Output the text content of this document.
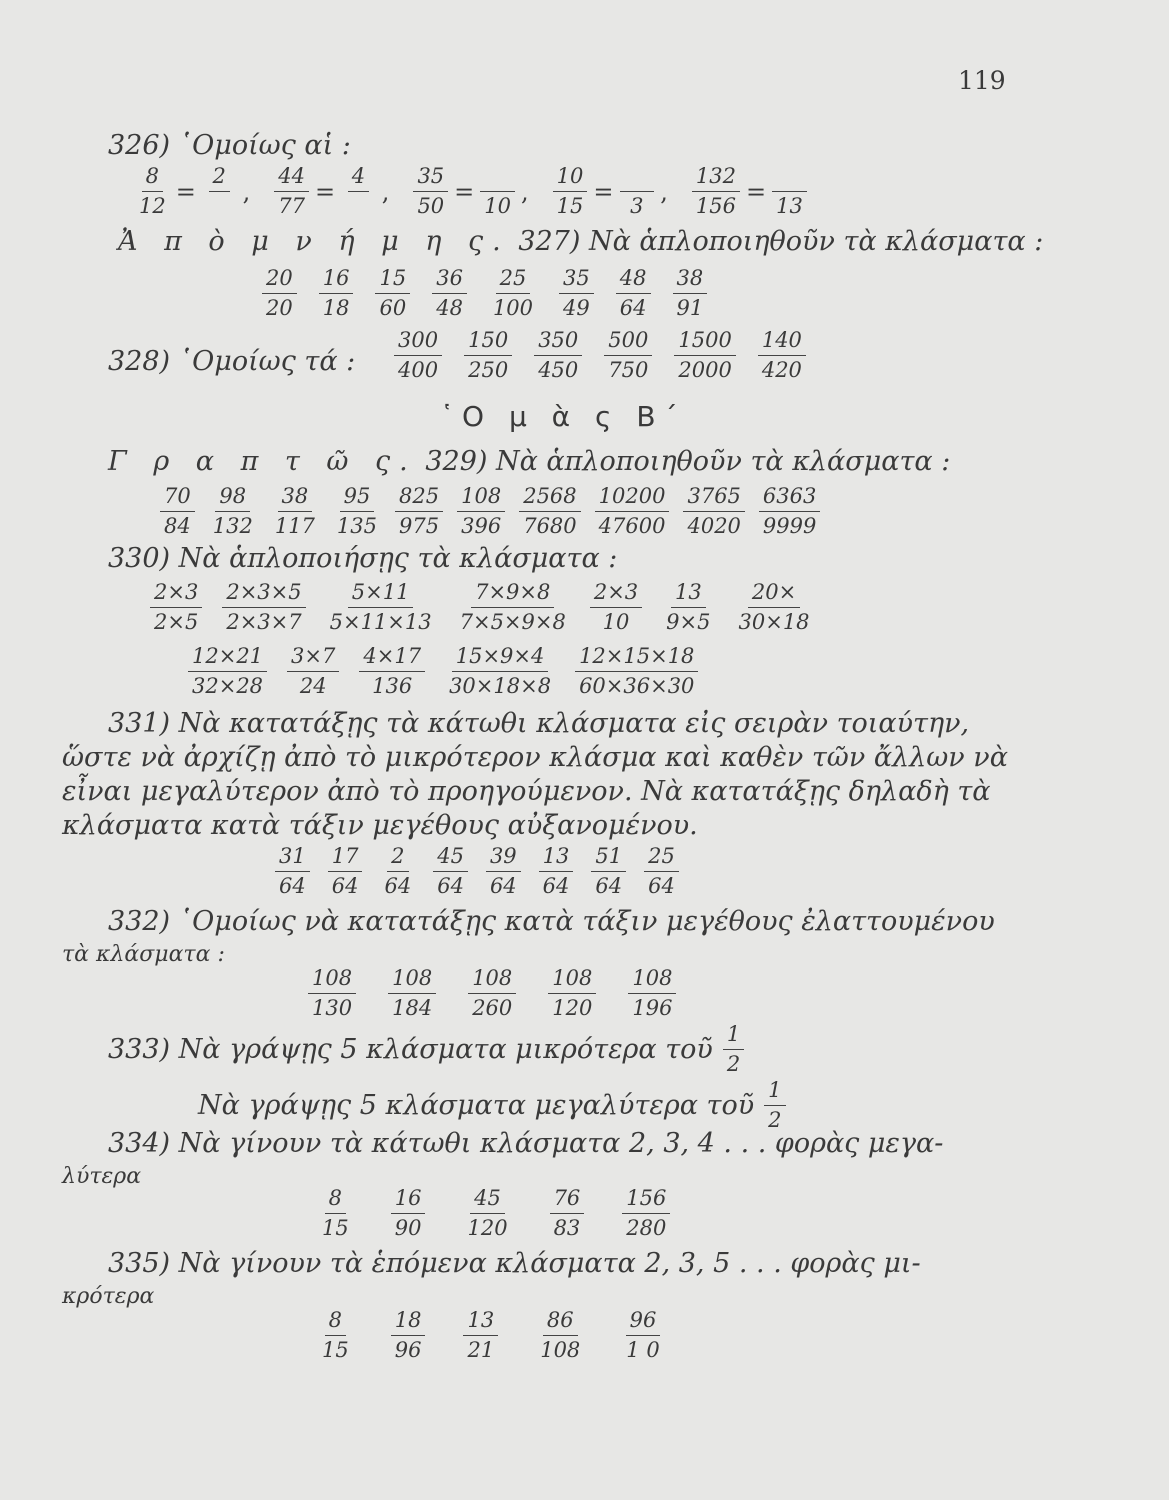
119
326) ῾Ομοίως αἱ :
$\frac{8}{12}$ =
2

, $\frac{44}{77}$ =
4

, $\frac{35}{50}$ =

10
, $\frac{10}{15}$ =

3
, $\frac{132}{156}$ =

13
Ἀ π ὸ μ ν ή μ η ς. 327) Νὰ ἁπλοποιηθοῦν τὰ κλάσματα :
$\frac{20}{20} \frac{16}{18} \frac{15}{60} \frac{36}{48} \frac{25}{100} \frac{35}{49} \frac{48}{64} \frac{38}{91}$
328) ῾Ομοίως τά : $\frac{300}{400} \frac{150}{250} \frac{350}{450} \frac{500}{750} \frac{1500}{2000} \frac{140}{420}$
῾Ο μ ὰ ς Β΄
Γ ρ α π τ ῶ ς. 329) Νὰ ἁπλοποιηθοῦν τὰ κλάσματα :
$\frac{70}{84} \frac{98}{132} \frac{38}{117} \frac{95}{135} \frac{825}{975} \frac{108}{396} \frac{2568}{7680} \frac{10200}{47600} \frac{3765}{4020} \frac{6363}{9999}$
330) Νὰ ἁπλοποιήσῃς τὰ κλάσματα :
$\frac{2\times 3}{2\times 5} \frac{2\times 3\times 5}{2\times 3\times 7} \frac{5\times 11}{5\times 11\times 13} \frac{7\times 9\times 8}{7\times 5\times 9\times 8} \frac{2\times 3}{10} \frac{13}{9\times 5} \frac{20\times}{30\times 18}$
$\frac{12\times 21}{32\times 28} \frac{3\times 7}{24} \frac{4\times 17}{136} \frac{15\times 9\times 4}{30\times 18\times 8} \frac{12\times 15\times 18}{60\times 36\times 30}$
331) Νὰ κατατάξῃς τὰ κάτωθι κλάσματα εἰς σειρὰν τοιαύτην,
ὥστε νὰ ἀρχίζῃ ἀπὸ τὸ μικρότερον κλάσμα καὶ καθὲν τῶν ἄλλων νὰ
εἶναι μεγαλύτερον ἀπὸ τὸ προηγούμενον. Νὰ κατατάξῃς δηλαδὴ τὰ
κλάσματα κατὰ τάξιν μεγέθους αὐξανομένου.
$\frac{31}{64} \frac{17}{64} \frac{2}{64} \frac{45}{64} \frac{39}{64} \frac{13}{64} \frac{51}{64} \frac{25}{64}$
332) ῾Ομοίως νὰ κατατάξῃς κατὰ τάξιν μεγέθους ἐλαττουμένου
τὰ κλάσματα :
$\frac{108}{130} \frac{108}{184} \frac{108}{260} \frac{108}{120} \frac{108}{196}$
333) Νὰ γράψῃς 5 κλάσματα μικρότερα τοῦ $\frac{1}{2}$
Νὰ γράψῃς 5 κλάσματα μεγαλύτερα τοῦ $\frac{1}{2}$
334) Νὰ γίνουν τὰ κάτωθι κλάσματα 2, 3, 4 . . . φορὰς μεγα-
λύτερα
$\frac{8}{15} \frac{16}{90} \frac{45}{120} \frac{76}{83} \frac{156}{280}$
335) Νὰ γίνουν τὰ ἑπόμενα κλάσματα 2, 3, 5 . . . φορὰς μι-
κρότερα
$\frac{8}{15} \frac{18}{96} \frac{13}{21} \frac{86}{108} \frac{96}{1 0}$
